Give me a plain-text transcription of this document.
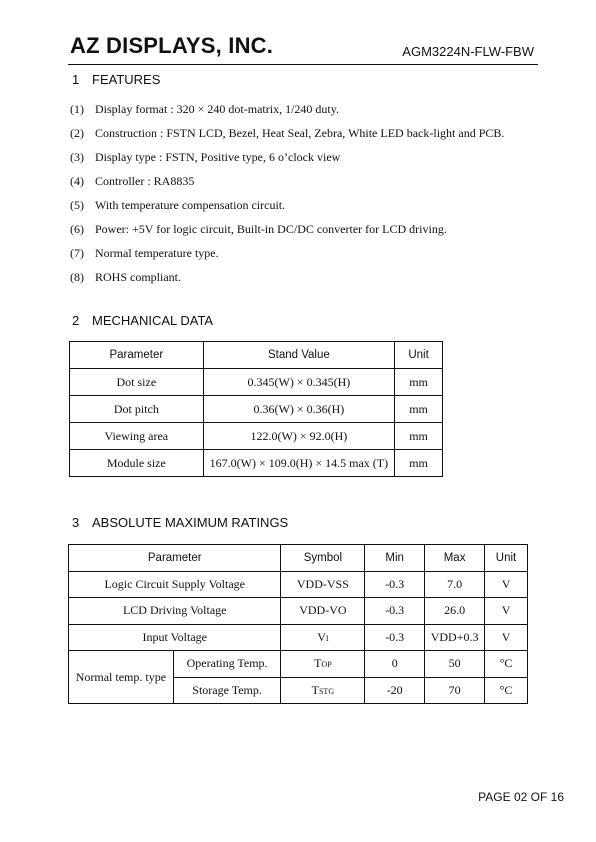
AZ DISPLAYS, INC.	AGM3224N-FLW-FBW
1 FEATURES
(1) Display format : 320 × 240 dot-matrix, 1/240 duty.
(2) Construction : FSTN LCD, Bezel, Heat Seal, Zebra, White LED back-light and PCB.
(3) Display type : FSTN, Positive type, 6 o’clock view
(4) Controller : RA8835
(5) With temperature compensation circuit.
(6) Power: +5V for logic circuit, Built-in DC/DC converter for LCD driving.
(7) Normal temperature type.
(8) ROHS compliant.
2 MECHANICAL DATA
Parameter	Stand Value	Unit
Dot size	0.345(W) × 0.345(H)	mm
Dot pitch	0.36(W) × 0.36(H)	mm
Viewing area	122.0(W) × 92.0(H)	mm
Module size	167.0(W) × 109.0(H) × 14.5 max (T)	mm
3 ABSOLUTE MAXIMUM RATINGS
Parameter		Symbol	Min	Max	Unit
Logic Circuit Supply Voltage		VDD-VSS	-0.3	7.0	V
LCD Driving Voltage		VDD-VO	-0.3	26.0	V
Input Voltage		VI	-0.3	VDD+0.3	V
Normal temp. type	Operating Temp.	TOP	0	50	°C
	Storage Temp.	TSTG	-20	70	°C
PAGE 02 OF 16
